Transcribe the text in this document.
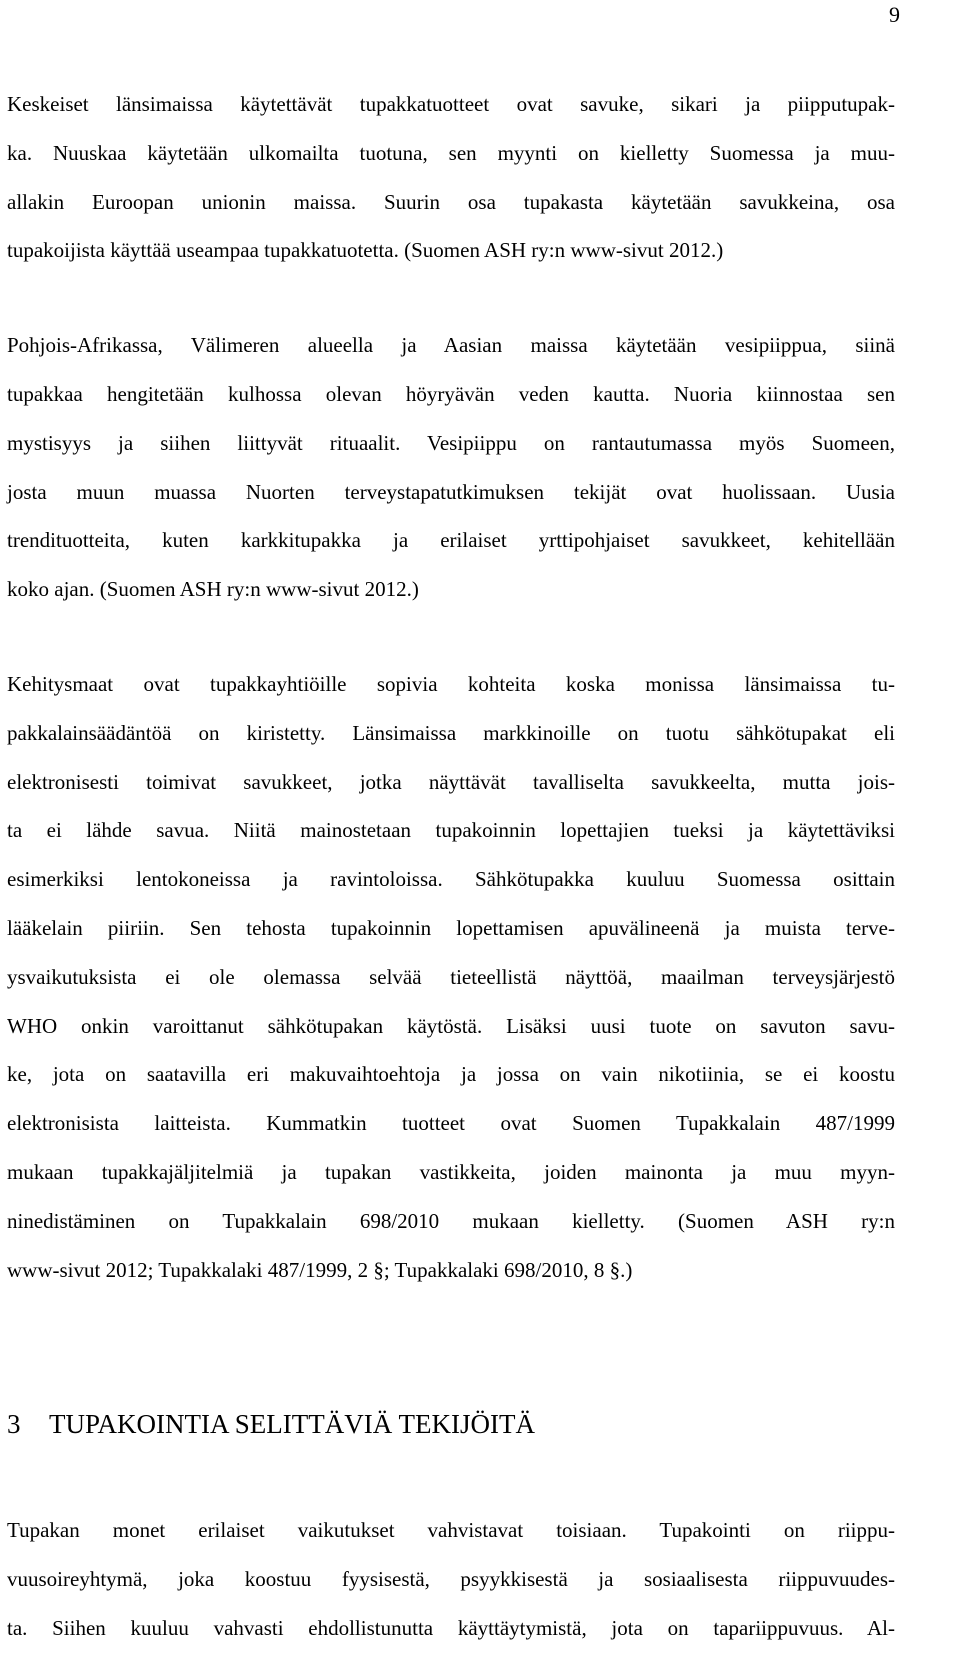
9

Keskeiset länsimaissa käytettävät tupakkatuotteet ovat savuke, sikari ja piipputupak-
ka. Nuuskaa käytetään ulkomailta tuotuna, sen myynti on kielletty Suomessa ja muu-
allakin Euroopan unionin maissa. Suurin osa tupakasta käytetään savukkeina, osa
tupakoijista käyttää useampaa tupakkatuotetta. (Suomen ASH ry:n www-sivut 2012.)

Pohjois-Afrikassa, Välimeren alueella ja Aasian maissa käytetään vesipiippua, siinä
tupakkaa hengitetään kulhossa olevan höyryävän veden kautta. Nuoria kiinnostaa sen
mystisyys ja siihen liittyvät rituaalit. Vesipiippu on rantautumassa myös Suomeen,
josta muun muassa Nuorten terveystapatutkimuksen tekijät ovat huolissaan. Uusia
trendituotteita, kuten karkkitupakka ja erilaiset yrttipohjaiset savukkeet, kehitellään
koko ajan. (Suomen ASH ry:n www-sivut 2012.)

Kehitysmaat ovat tupakkayhtiöille sopivia kohteita koska monissa länsimaissa tu-
pakkalainsäädäntöä on kiristetty. Länsimaissa markkinoille on tuotu sähkötupakat eli
elektronisesti toimivat savukkeet, jotka näyttävät tavalliselta savukkeelta, mutta jois-
ta ei lähde savua. Niitä mainostetaan tupakoinnin lopettajien tueksi ja käytettäviksi
esimerkiksi lentokoneissa ja ravintoloissa. Sähkötupakka kuuluu Suomessa osittain
lääkelain piiriin. Sen tehosta tupakoinnin lopettamisen apuvälineenä ja muista terve-
ysvaikutuksista ei ole olemassa selvää tieteellistä näyttöä, maailman terveysjärjestö
WHO onkin varoittanut sähkötupakan käytöstä. Lisäksi uusi tuote on savuton savu-
ke, jota on saatavilla eri makuvaihtoehtoja ja jossa on vain nikotiinia, se ei koostu
elektronisista laitteista. Kummatkin tuotteet ovat Suomen Tupakkalain 487/1999
mukaan tupakkajäljitelmiä ja tupakan vastikkeita, joiden mainonta ja muu myyn-
ninedistäminen on Tupakkalain 698/2010 mukaan kielletty. (Suomen ASH ry:n
www-sivut 2012; Tupakkalaki 487/1999, 2 §; Tupakkalaki 698/2010, 8 §.)

3 TUPAKOINTIA SELITTÄVIÄ TEKIJÖITÄ

Tupakan monet erilaiset vaikutukset vahvistavat toisiaan. Tupakointi on riippu-
vuusoireyhtymä, joka koostuu fyysisestä, psyykkisestä ja sosiaalisesta riippuvuudes-
ta. Siihen kuuluu vahvasti ehdollistunutta käyttäytymistä, jota on tapariippuvuus. Al-
